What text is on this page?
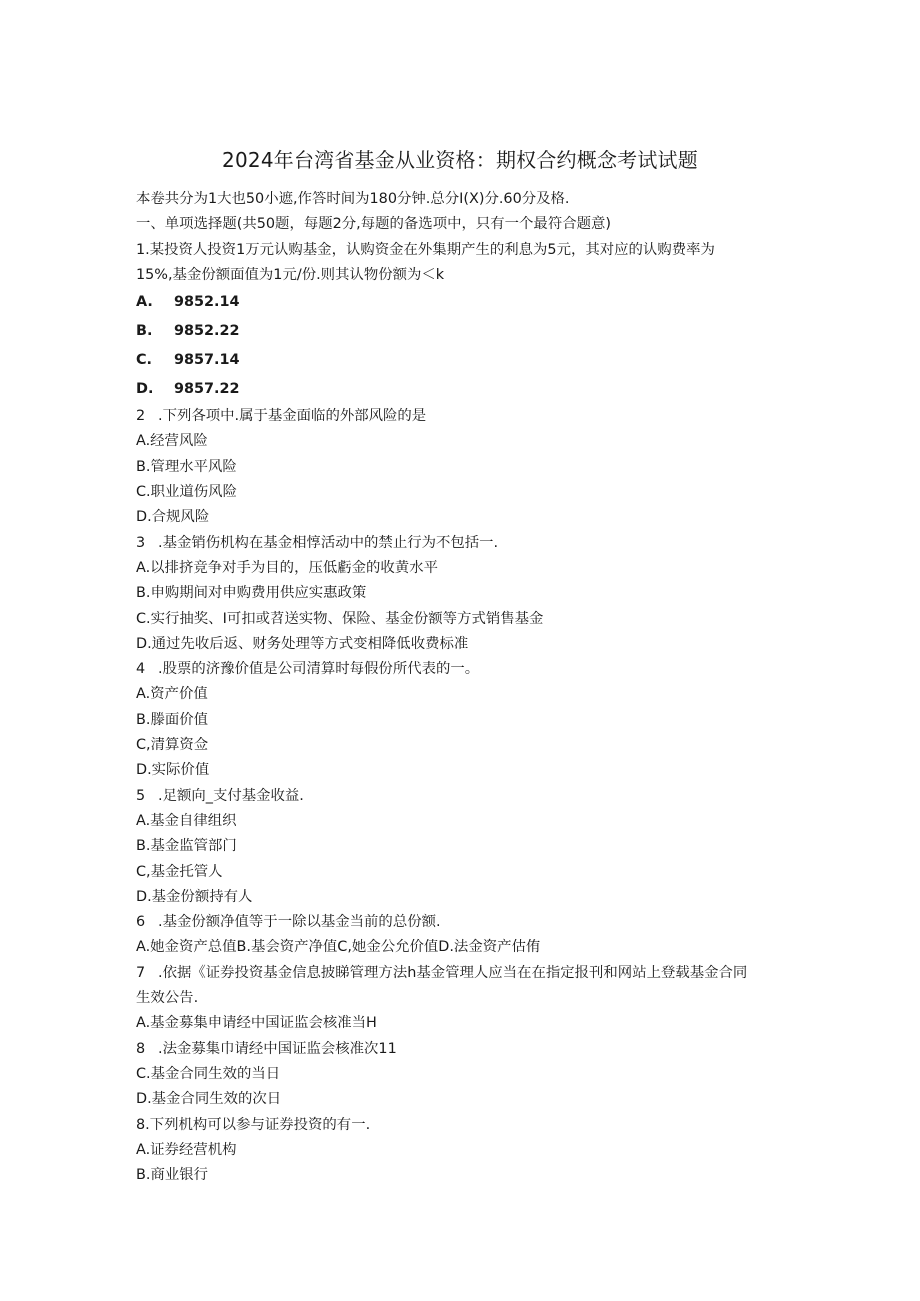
2024年台湾省基金从业资格：期权合约概念考试试题
本卷共分为1大也50小遮,作答时间为180分钟.总分I(X)分.60分及格.
一、单项选择题(共50题，每题2分,每题的备选项中，只有一个最符合题意)
1.某投资人投资1万元认购基金，认购资金在外集期产生的利息为5元，其对应的认购费率为
15%,基金份额面值为1元/份.则其认物份额为＜k
A.	9852.14
B.	9852.22
C.	9857.14
D.	9857.22
2 .下列各项中.属于基金面临的外部风险的是
A.经营风险
B.管理水平风险
C.职业道伤风险
D.合规风险
3 .基金销伤机构在基金相惇活动中的禁止行为不包括一.
A.以排挤竞争对手为目的，压低虧金的收黄水平
B.申购期间对申购费用供应实惠政策
C.实行抽奖、I可扣或苕送实物、保险、基金份额等方式销售基金
D.通过先收后返、财务处理等方式变相降低收费标准
4 .股票的济豫价值是公司清算时每假份所代表的一。
A.资产价值
B.滕面价值
C,清算资佥
D.实际价值
5 .足额向_支付基金收益.
A.基金自律组织
B.基金监管部门
C,基金托管人
D.基金份额持有人
6 .基金份额净值等于一除以基金当前的总份额.
A.她金资产总值B.基会资产净值C,她金公允价值D.法金资产估侑
7 .依据《证券投资基金信息披睇管理方法h基金管理人应当在在指定报刊和网站上登载基金合同
生效公告.
A.基金募集申请经中国证监会核准当H
8 .法金募集巾请经中国证监会核准次11
C.基金合同生效的当日
D.基金合同生效的次日
8.下列机构可以参与证券投资的有一.
A.证券经营机构
B.商业银行
